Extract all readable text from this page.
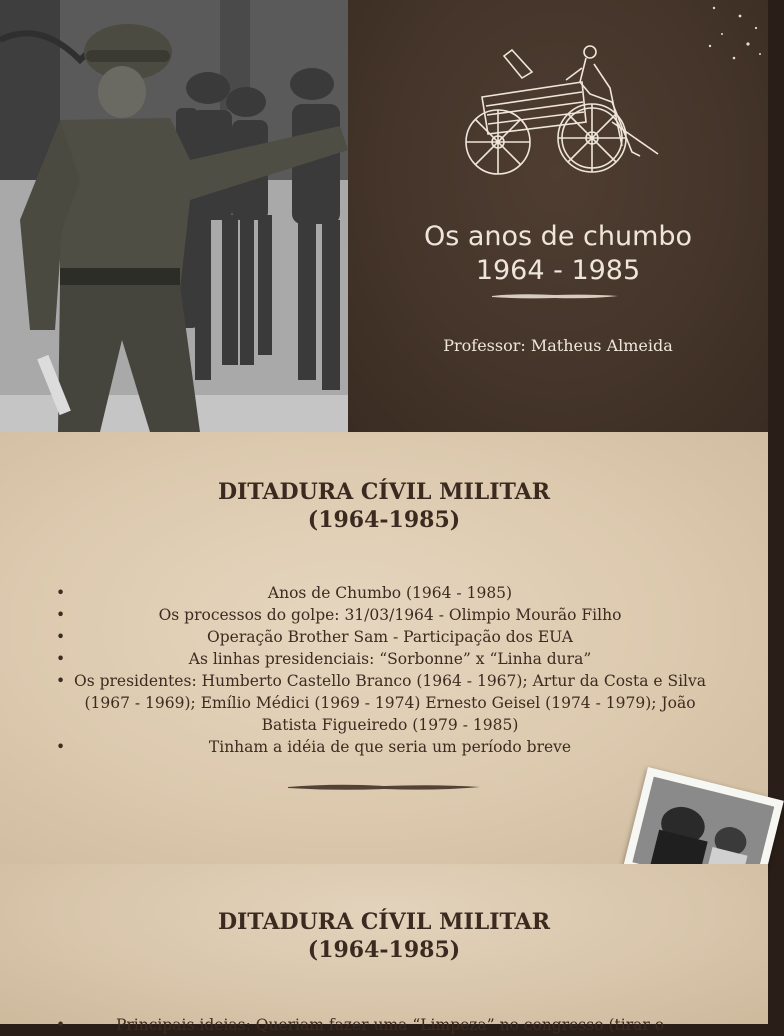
Os anos de chumbo
1964 - 1985
Professor: Matheus Almeida
DITADURA CÍVIL MILITAR
(1964-1985)
• Anos de Chumbo (1964 - 1985)
• Os processos do golpe: 31/03/1964 - Olimpio Mourão Filho
• Operação Brother Sam - Participação dos EUA
• As linhas presidenciais: “Sorbonne” x “Linha dura”
• Os presidentes: Humberto Castello Branco (1964 - 1967); Artur da Costa e Silva (1967 - 1969); Emílio Médici (1969 - 1974) Ernesto Geisel (1974 - 1979); João Batista Figueiredo (1979 - 1985)
• Tinham a idéia de que seria um período breve
DITADURA CÍVIL MILITAR
(1964-1985)
• Principais ideias: Queriam fazer uma “Limpeza” no congresso (tirar o
